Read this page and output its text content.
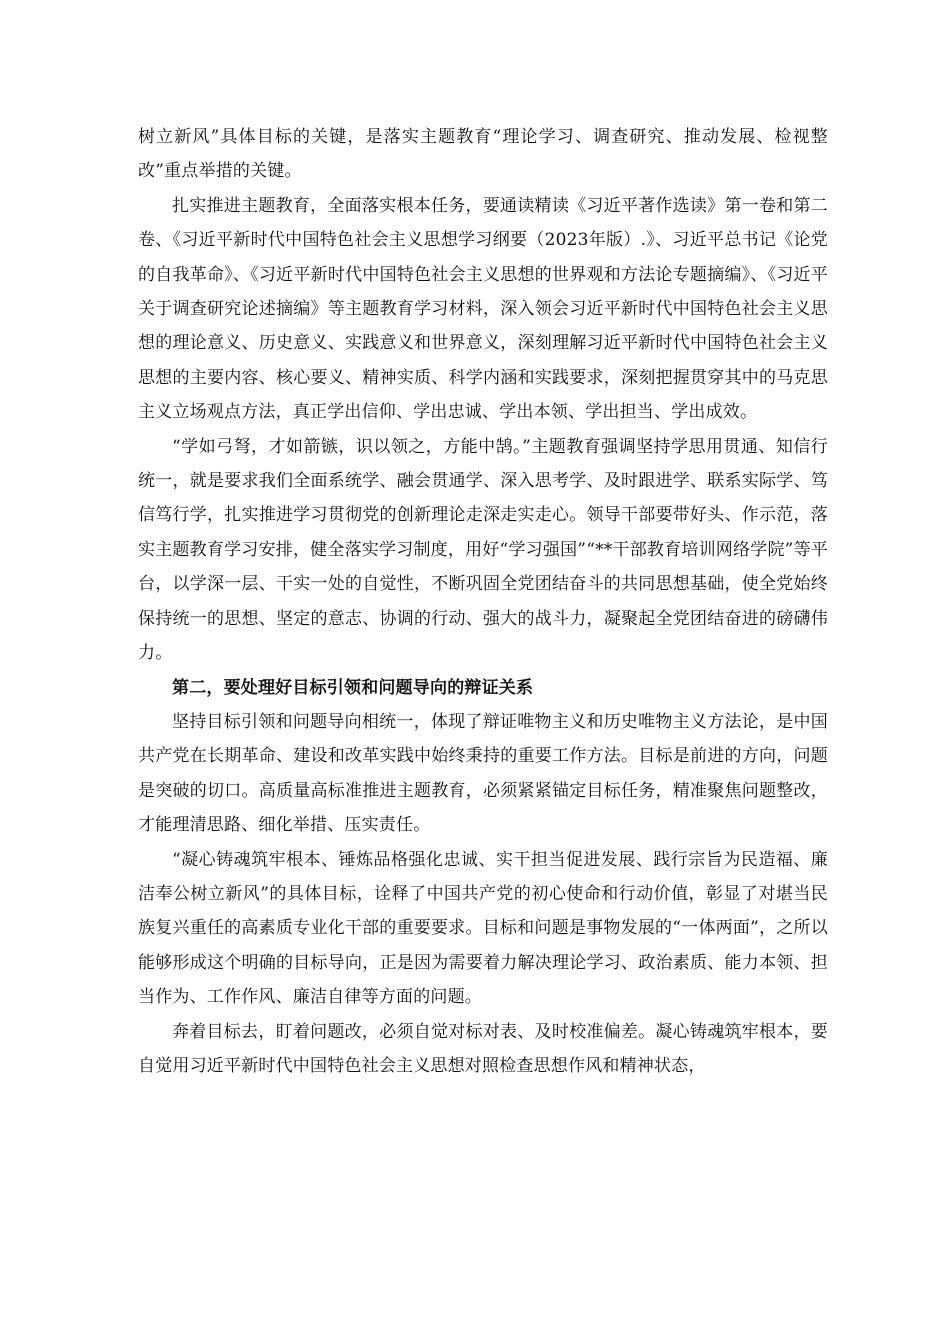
树立新风”具体目标的关键，是落实主题教育“理论学习、调查研究、推动发展、检视整改”重点举措的关键。

扎实推进主题教育，全面落实根本任务，要通读精读《习近平著作选读》第一卷和第二卷、《习近平新时代中国特色社会主义思想学习纲要（2023年版）.》、习近平总书记《论党的自我革命》、《习近平新时代中国特色社会主义思想的世界观和方法论专题摘编》、《习近平关于调查研究论述摘编》等主题教育学习材料，深入领会习近平新时代中国特色社会主义思想的理论意义、历史意义、实践意义和世界意义，深刻理解习近平新时代中国特色社会主义思想的主要内容、核心要义、精神实质、科学内涵和实践要求，深刻把握贯穿其中的马克思主义立场观点方法，真正学出信仰、学出忠诚、学出本领、学出担当、学出成效。

“学如弓弩，才如箭镞，识以领之，方能中鹄。”主题教育强调坚持学思用贯通、知信行统一，就是要求我们全面系统学、融会贯通学、深入思考学、及时跟进学、联系实际学、笃信笃行学，扎实推进学习贯彻党的创新理论走深走实走心。领导干部要带好头、作示范，落实主题教育学习安排，健全落实学习制度，用好“学习强国”“**干部教育培训网络学院”等平台，以学深一层、干实一处的自觉性，不断巩固全党团结奋斗的共同思想基础，使全党始终保持统一的思想、坚定的意志、协调的行动、强大的战斗力，凝聚起全党团结奋进的磅礴伟力。

第二，要处理好目标引领和问题导向的辩证关系

坚持目标引领和问题导向相统一，体现了辩证唯物主义和历史唯物主义方法论，是中国共产党在长期革命、建设和改革实践中始终秉持的重要工作方法。目标是前进的方向，问题是突破的切口。高质量高标准推进主题教育，必须紧紧锚定目标任务，精准聚焦问题整改，才能理清思路、细化举措、压实责任。

“凝心铸魂筑牢根本、锤炼品格强化忠诚、实干担当促进发展、践行宗旨为民造福、廉洁奉公树立新风”的具体目标，诠释了中国共产党的初心使命和行动价值，彰显了对堪当民族复兴重任的高素质专业化干部的重要要求。目标和问题是事物发展的“一体两面”，之所以能够形成这个明确的目标导向，正是因为需要着力解决理论学习、政治素质、能力本领、担当作为、工作作风、廉洁自律等方面的问题。

奔着目标去，盯着问题改，必须自觉对标对表、及时校准偏差。凝心铸魂筑牢根本，要自觉用习近平新时代中国特色社会主义思想对照检查思想作风和精神状态，
